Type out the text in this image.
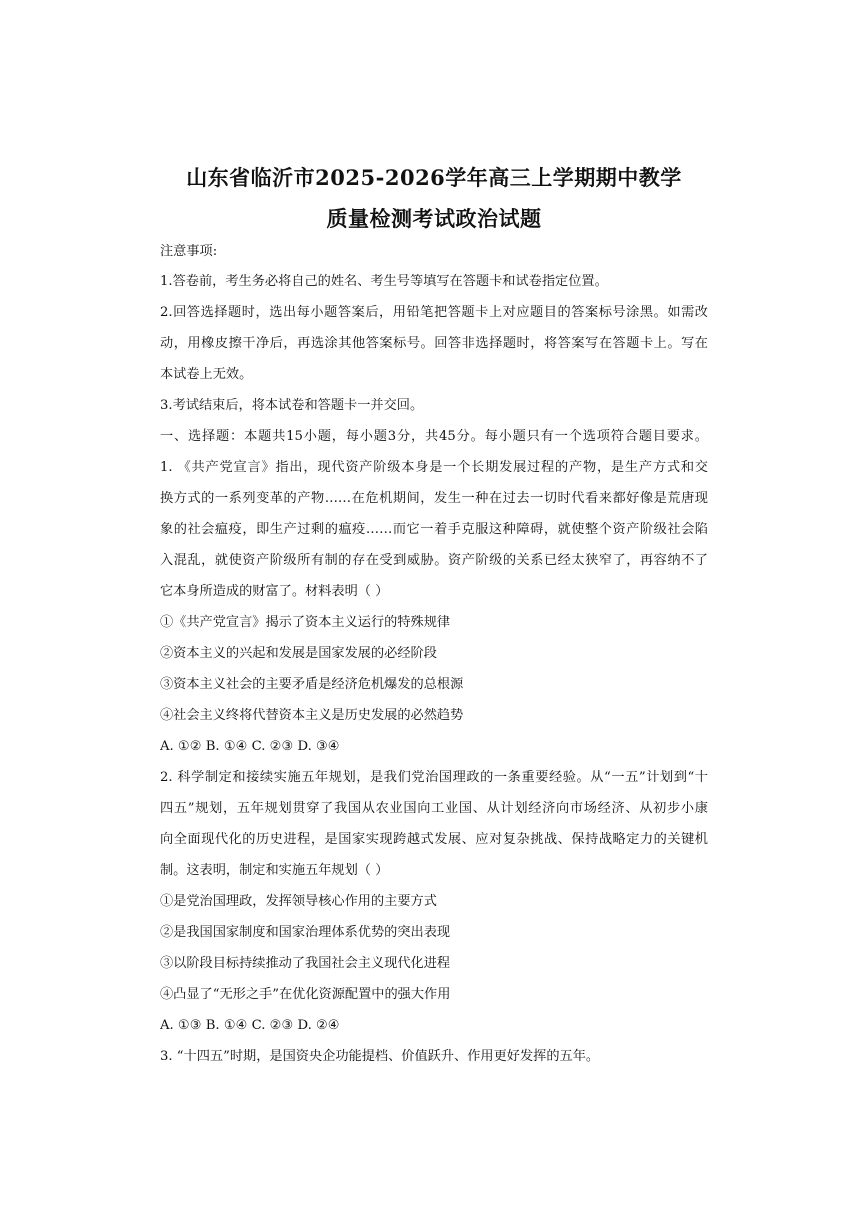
山东省临沂市2025-2026学年高三上学期期中教学
质量检测考试政治试题
注意事项:
1.答卷前，考生务必将自己的姓名、考生号等填写在答题卡和试卷指定位置。
2.回答选择题时，选出每小题答案后，用铅笔把答题卡上对应题目的答案标号涂黑。如需改
动，用橡皮擦干净后，再选涂其他答案标号。回答非选择题时，将答案写在答题卡上。写在
本试卷上无效。
3.考试结束后，将本试卷和答题卡一并交回。
一、选择题：本题共15小题，每小题3分，共45分。每小题只有一个选项符合题目要求。
1. 《共产党宣言》指出，现代资产阶级本身是一个长期发展过程的产物，是生产方式和交
换方式的一系列变革的产物……在危机期间，发生一种在过去一切时代看来都好像是荒唐现
象的社会瘟疫，即生产过剩的瘟疫……而它一着手克服这种障碍，就使整个资产阶级社会陷
入混乱，就使资产阶级所有制的存在受到威胁。资产阶级的关系已经太狭窄了，再容纳不了
它本身所造成的财富了。材料表明（ ）
①《共产党宣言》揭示了资本主义运行的特殊规律
②资本主义的兴起和发展是国家发展的必经阶段
③资本主义社会的主要矛盾是经济危机爆发的总根源
④社会主义终将代替资本主义是历史发展的必然趋势
A. ①② B. ①④ C. ②③ D. ③④
2. 科学制定和接续实施五年规划，是我们党治国理政的一条重要经验。从“一五”计划到“十
四五”规划，五年规划贯穿了我国从农业国向工业国、从计划经济向市场经济、从初步小康
向全面现代化的历史进程，是国家实现跨越式发展、应对复杂挑战、保持战略定力的关键机
制。这表明，制定和实施五年规划（ ）
①是党治国理政，发挥领导核心作用的主要方式
②是我国国家制度和国家治理体系优势的突出表现
③以阶段目标持续推动了我国社会主义现代化进程
④凸显了“无形之手”在优化资源配置中的强大作用
A. ①③ B. ①④ C. ②③ D. ②④
3. “十四五”时期，是国资央企功能提档、价值跃升、作用更好发挥的五年。
